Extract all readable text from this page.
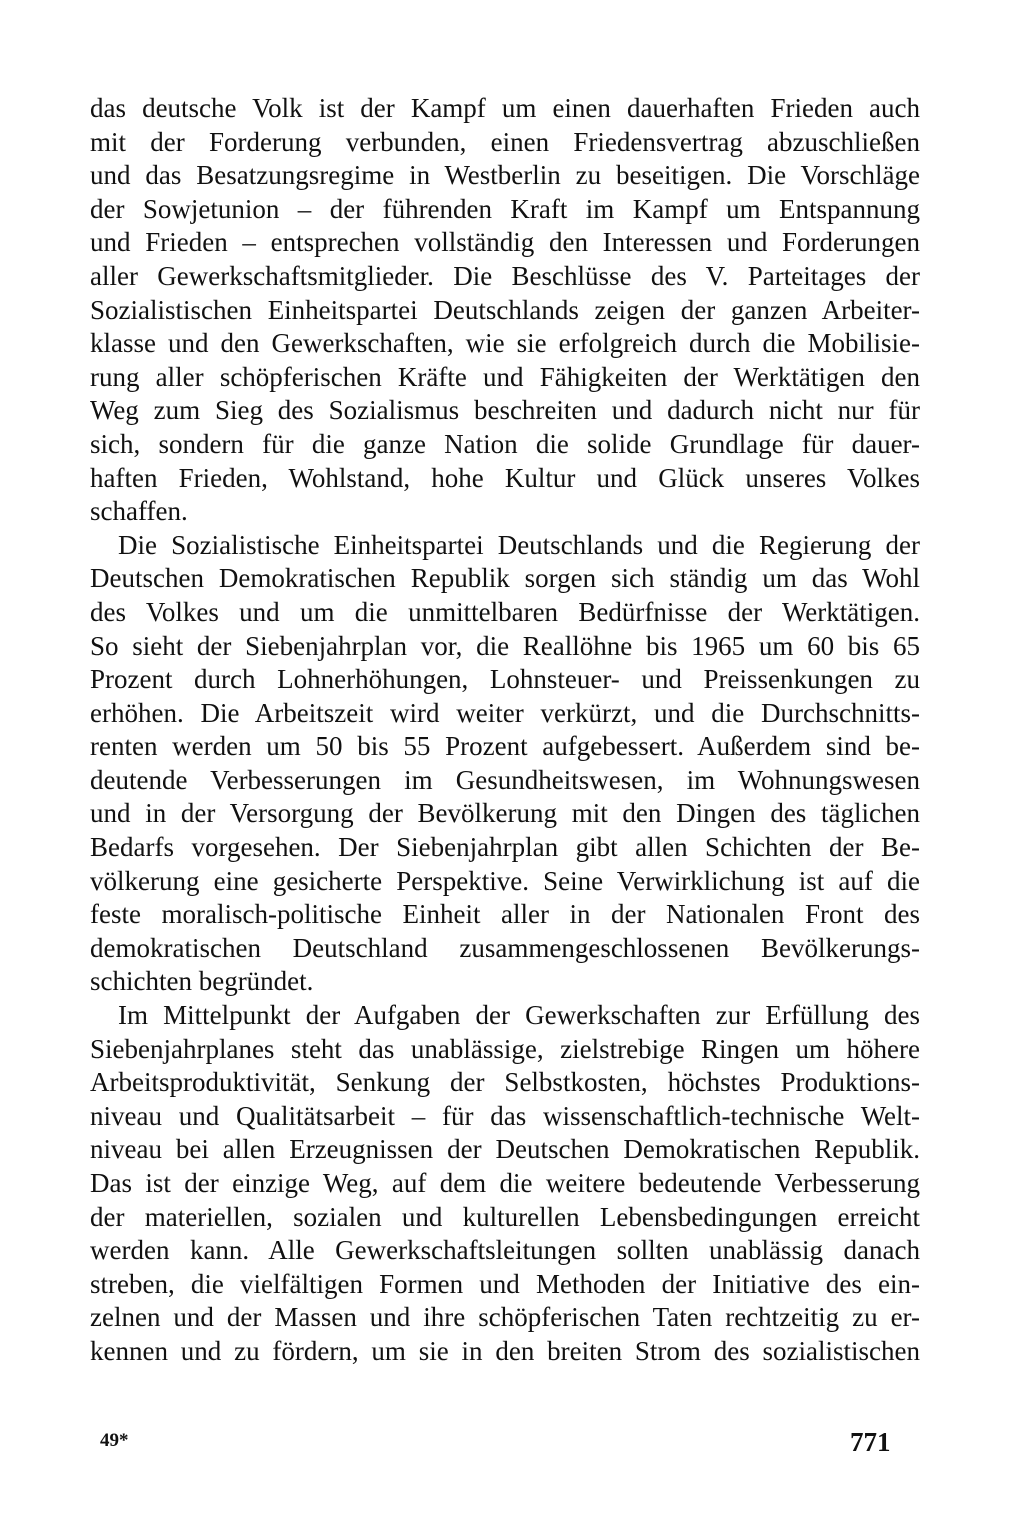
das deutsche Volk ist der Kampf um einen dauerhaften Frieden auch
mit der Forderung verbunden, einen Friedensvertrag abzuschließen
und das Besatzungsregime in Westberlin zu beseitigen. Die Vorschläge
der Sowjetunion – der führenden Kraft im Kampf um Entspannung
und Frieden – entsprechen vollständig den Interessen und Forderungen
aller Gewerkschaftsmitglieder. Die Beschlüsse des V. Parteitages der
Sozialistischen Einheitspartei Deutschlands zeigen der ganzen Arbeiter-
klasse und den Gewerkschaften, wie sie erfolgreich durch die Mobilisie-
rung aller schöpferischen Kräfte und Fähigkeiten der Werktätigen den
Weg zum Sieg des Sozialismus beschreiten und dadurch nicht nur für
sich, sondern für die ganze Nation die solide Grundlage für dauer-
haften Frieden, Wohlstand, hohe Kultur und Glück unseres Volkes
schaffen.
Die Sozialistische Einheitspartei Deutschlands und die Regierung der
Deutschen Demokratischen Republik sorgen sich ständig um das Wohl
des Volkes und um die unmittelbaren Bedürfnisse der Werktätigen.
So sieht der Siebenjahrplan vor, die Reallöhne bis 1965 um 60 bis 65
Prozent durch Lohnerhöhungen, Lohnsteuer- und Preissenkungen zu
erhöhen. Die Arbeitszeit wird weiter verkürzt, und die Durchschnitts-
renten werden um 50 bis 55 Prozent aufgebessert. Außerdem sind be-
deutende Verbesserungen im Gesundheitswesen, im Wohnungswesen
und in der Versorgung der Bevölkerung mit den Dingen des täglichen
Bedarfs vorgesehen. Der Siebenjahrplan gibt allen Schichten der Be-
völkerung eine gesicherte Perspektive. Seine Verwirklichung ist auf die
feste moralisch-politische Einheit aller in der Nationalen Front des
demokratischen Deutschland zusammengeschlossenen Bevölkerungs-
schichten begründet.
Im Mittelpunkt der Aufgaben der Gewerkschaften zur Erfüllung des
Siebenjahrplanes steht das unablässige, zielstrebige Ringen um höhere
Arbeitsproduktivität, Senkung der Selbstkosten, höchstes Produktions-
niveau und Qualitätsarbeit – für das wissenschaftlich-technische Welt-
niveau bei allen Erzeugnissen der Deutschen Demokratischen Republik.
Das ist der einzige Weg, auf dem die weitere bedeutende Verbesserung
der materiellen, sozialen und kulturellen Lebensbedingungen erreicht
werden kann. Alle Gewerkschaftsleitungen sollten unablässig danach
streben, die vielfältigen Formen und Methoden der Initiative des ein-
zelnen und der Massen und ihre schöpferischen Taten rechtzeitig zu er-
kennen und zu fördern, um sie in den breiten Strom des sozialistischen
49*	771
